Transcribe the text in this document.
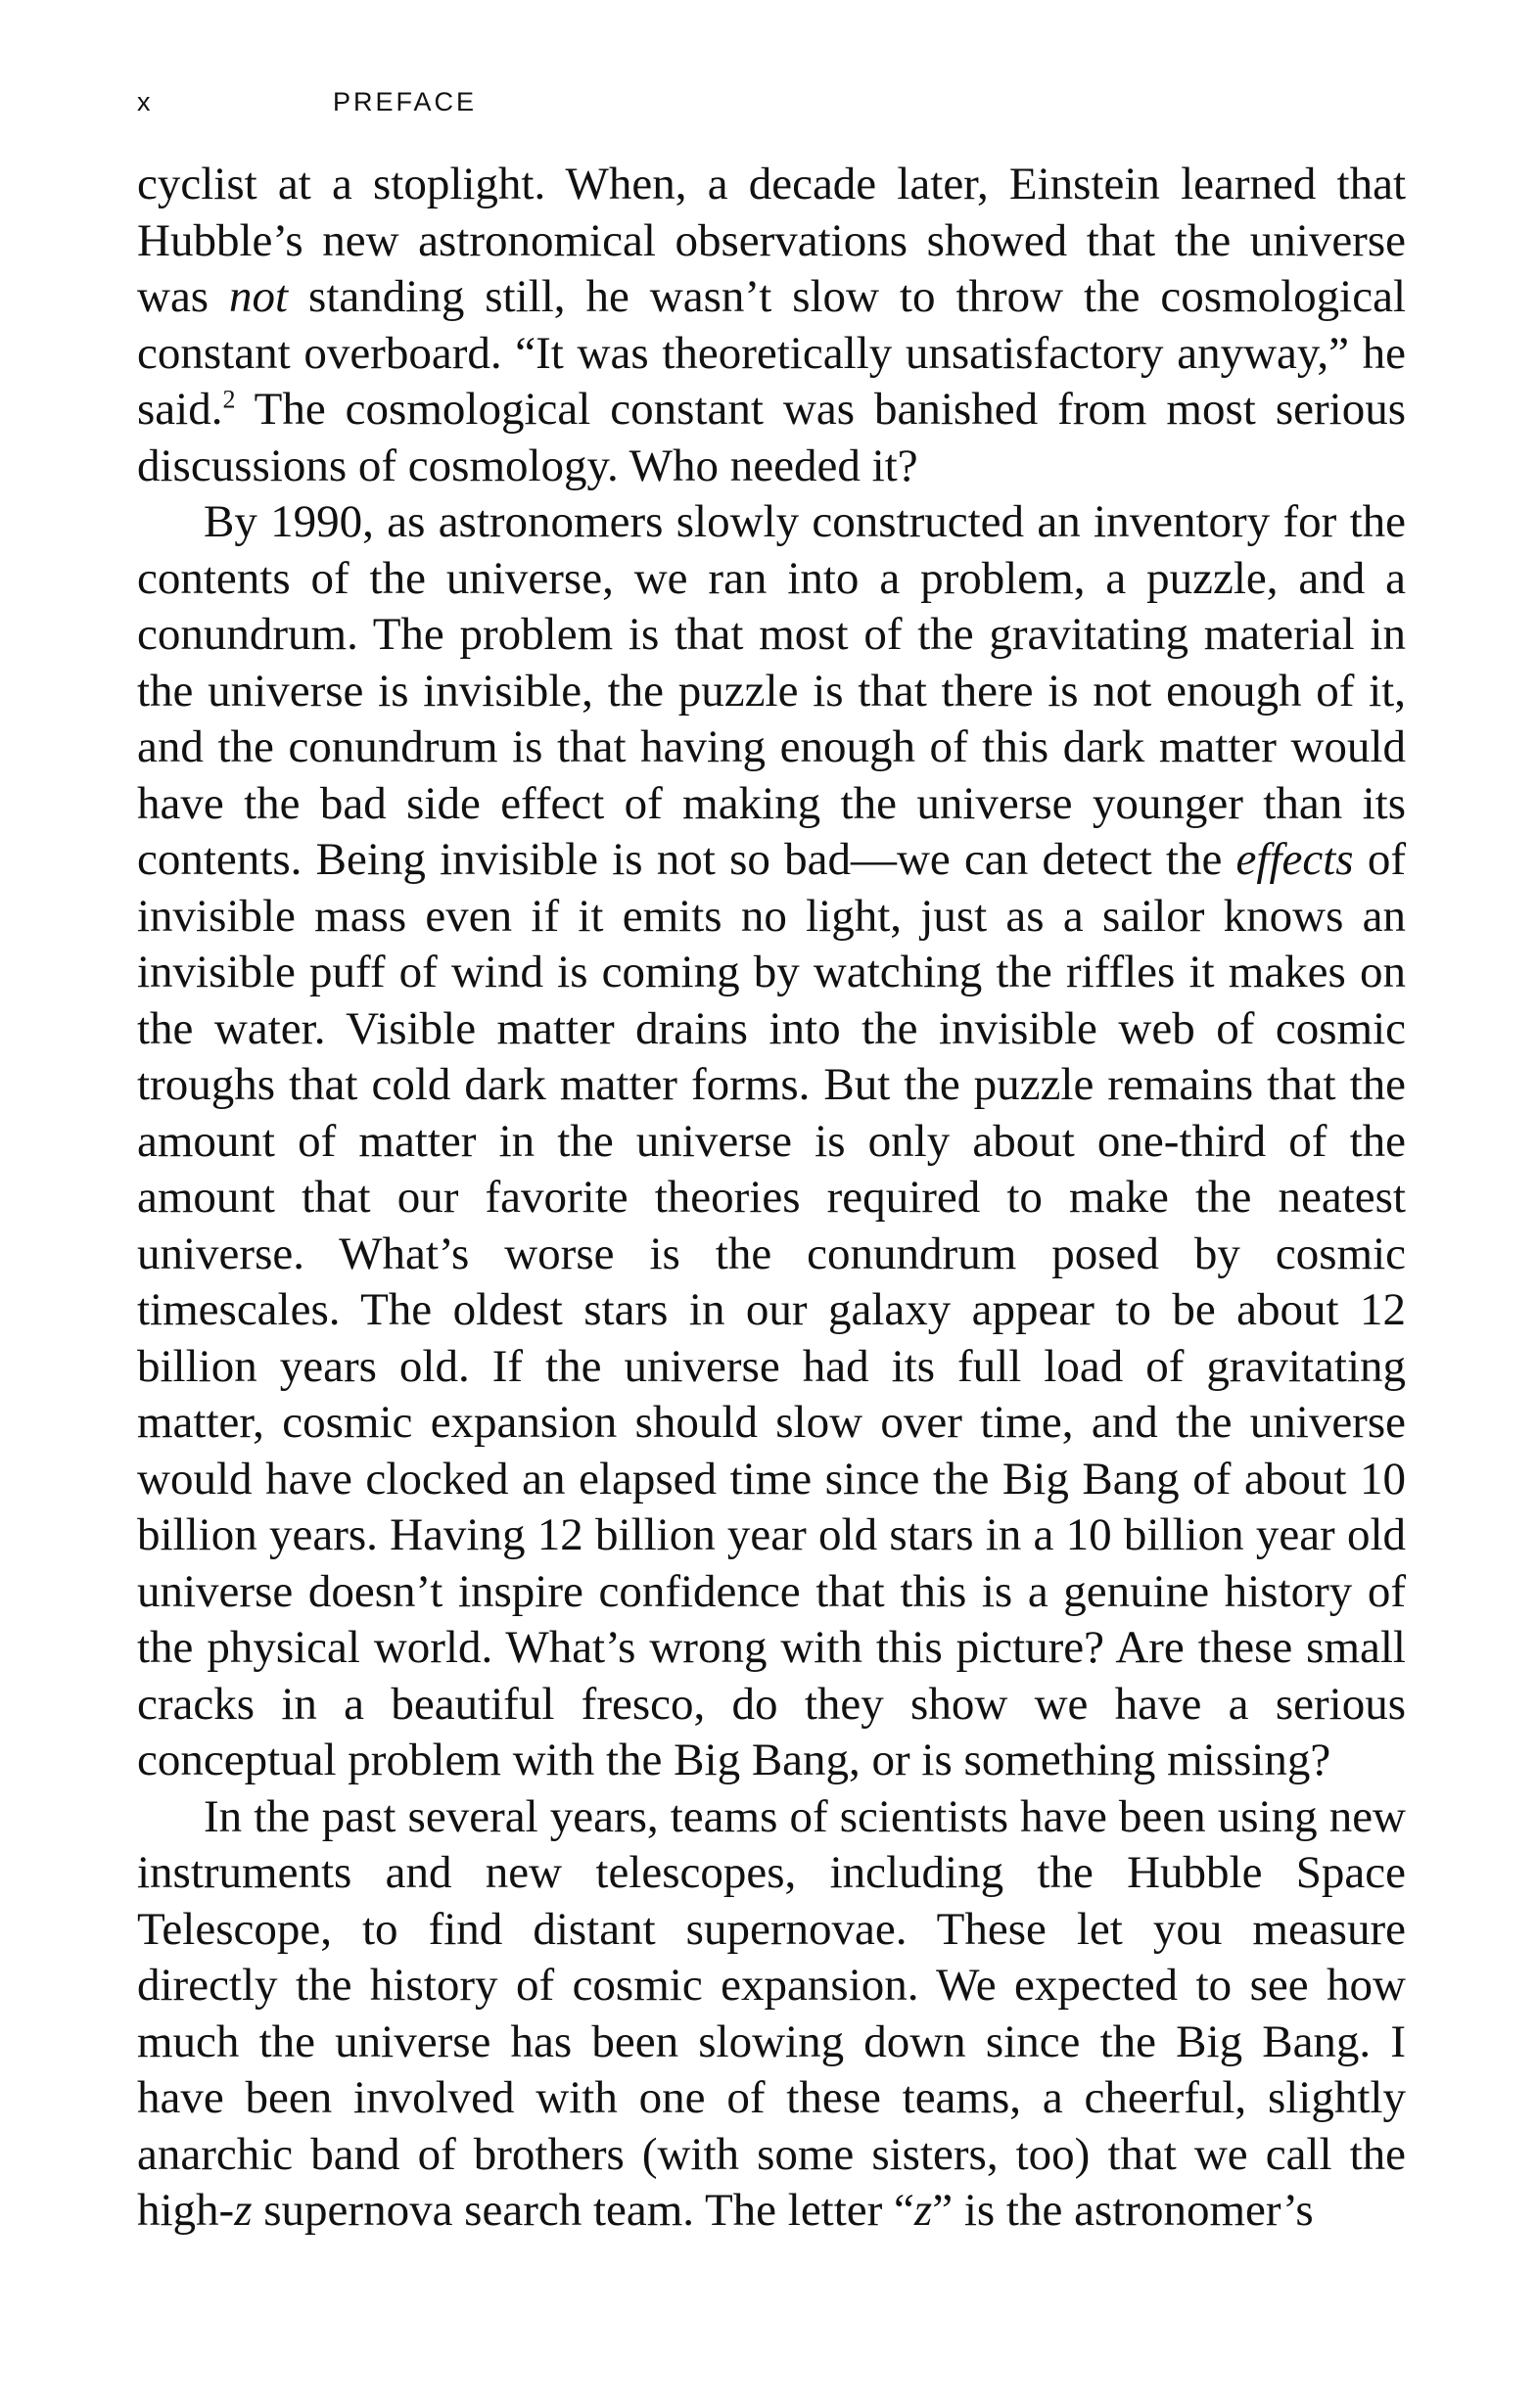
x	PREFACE

cyclist at a stoplight. When, a decade later, Einstein learned that Hubble’s new astronomical observations showed that the universe was not standing still, he wasn’t slow to throw the cosmological constant overboard. “It was theoretically unsatisfactory anyway,” he said.$^2$ The cosmological constant was banished from most serious discussions of cosmology. Who needed it?

By 1990, as astronomers slowly constructed an inventory for the contents of the universe, we ran into a problem, a puzzle, and a conundrum. The problem is that most of the gravitating material in the universe is invisible, the puzzle is that there is not enough of it, and the conundrum is that having enough of this dark matter would have the bad side effect of making the universe younger than its contents. Being invisible is not so bad—we can detect the effects of invisible mass even if it emits no light, just as a sailor knows an invisible puff of wind is coming by watching the riffles it makes on the water. Visible matter drains into the invisible web of cosmic troughs that cold dark matter forms. But the puzzle remains that the amount of matter in the universe is only about one-third of the amount that our favorite theories required to make the neatest universe. What’s worse is the conundrum posed by cosmic timescales. The oldest stars in our galaxy appear to be about 12 billion years old. If the universe had its full load of gravitating matter, cosmic expansion should slow over time, and the universe would have clocked an elapsed time since the Big Bang of about 10 billion years. Having 12 billion year old stars in a 10 billion year old universe doesn’t inspire confidence that this is a genuine history of the physical world. What’s wrong with this picture? Are these small cracks in a beautiful fresco, do they show we have a serious conceptual problem with the Big Bang, or is something missing?

In the past several years, teams of scientists have been using new instruments and new telescopes, including the Hubble Space Telescope, to find distant supernovae. These let you measure directly the history of cosmic expansion. We expected to see how much the universe has been slowing down since the Big Bang. I have been involved with one of these teams, a cheerful, slightly anarchic band of brothers (with some sisters, too) that we call the high-z supernova search team. The letter “z” is the astronomer’s
